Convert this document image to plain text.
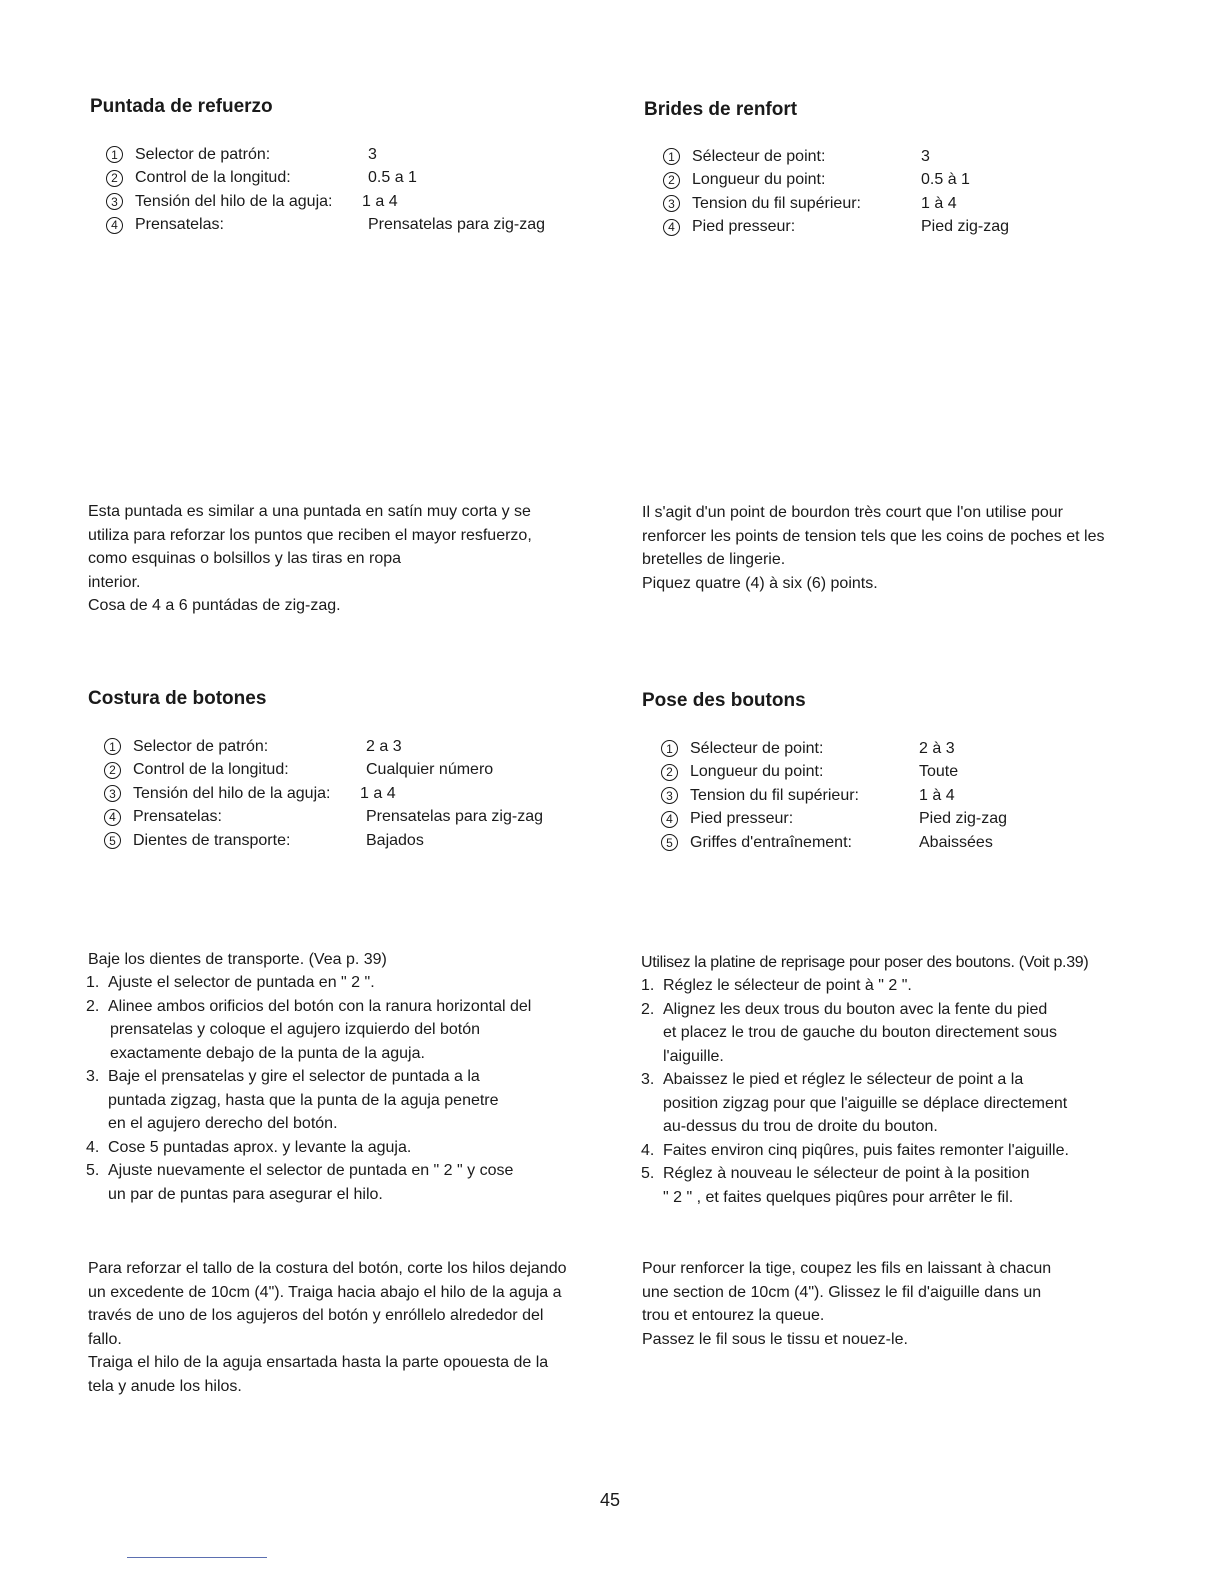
Puntada de refuerzo
1	Selector de patrón:	3
2	Control de la longitud:	0.5 a 1
3	Tensión del hilo de la aguja: 1 a 4
4	Prensatelas:	Prensatelas para zig-zag
Esta puntada es similar a una puntada en satín muy corta y se
utiliza para reforzar los puntos que reciben el mayor resfuerzo,
como esquinas o bolsillos y las tiras en ropa
interior.
Cosa de 4 a 6 puntádas de zig-zag.
Brides de renfort
1	Sélecteur de point:	3
2	Longueur du point:	0.5 à 1
3	Tension du fil supérieur:	1 à 4
4	Pied presseur:	Pied zig-zag
Il s'agit d'un point de bourdon très court que l'on utilise pour
renforcer les points de tension tels que les coins de poches et les
bretelles de lingerie.
Piquez quatre (4) à six (6) points.
Costura de botones
1	Selector de patrón:	2 a 3
2	Control de la longitud:	Cualquier número
3	Tensión del hilo de la aguja: 1 a 4
4	Prensatelas:	Prensatelas para zig-zag
5	Dientes de transporte:	Bajados
Baje los dientes de transporte. (Vea p. 39)
1. Ajuste el selector de puntada en " 2 ".
2. Alinee ambos orificios del botón con la ranura horizontal del
prensatelas y coloque el agujero izquierdo del botón
exactamente debajo de la punta de la aguja.
3. Baje el prensatelas y gire el selector de puntada a la
puntada zigzag, hasta que la punta de la aguja penetre
en el agujero derecho del botón.
4. Cose 5 puntadas aprox. y levante la aguja.
5. Ajuste nuevamente el selector de puntada en " 2 " y cose
un par de puntas para asegurar el hilo.
Para reforzar el tallo de la costura del botón, corte los hilos dejando
un excedente de 10cm (4"). Traiga hacia abajo el hilo de la aguja a
través de uno de los agujeros del botón y enróllelo alrededor del
fallo.
Traiga el hilo de la aguja ensartada hasta la parte opouesta de la
tela y anude los hilos.
Pose des boutons
1	Sélecteur de point:	2 à 3
2	Longueur du point:	Toute
3	Tension du fil supérieur:	1 à 4
4	Pied presseur:	Pied zig-zag
5	Griffes d'entraînement:	Abaissées
Utilisez la platine de reprisage pour poser des boutons. (Voit p.39)
1. Réglez le sélecteur de point à " 2 ".
2. Alignez les deux trous du bouton avec la fente du pied
et placez le trou de gauche du bouton directement sous
l'aiguille.
3. Abaissez le pied et réglez le sélecteur de point a la
position zigzag pour que l'aiguille se déplace directement
au-dessus du trou de droite du bouton.
4. Faites environ cinq piqûres, puis faites remonter l'aiguille.
5. Réglez à nouveau le sélecteur de point à la position
" 2 " , et faites quelques piqûres pour arrêter le fil.
Pour renforcer la tige, coupez les fils en laissant à chacun
une section de 10cm (4"). Glissez le fil d'aiguille dans un
trou et entourez la queue.
Passez le fil sous le tissu et nouez-le.
45
